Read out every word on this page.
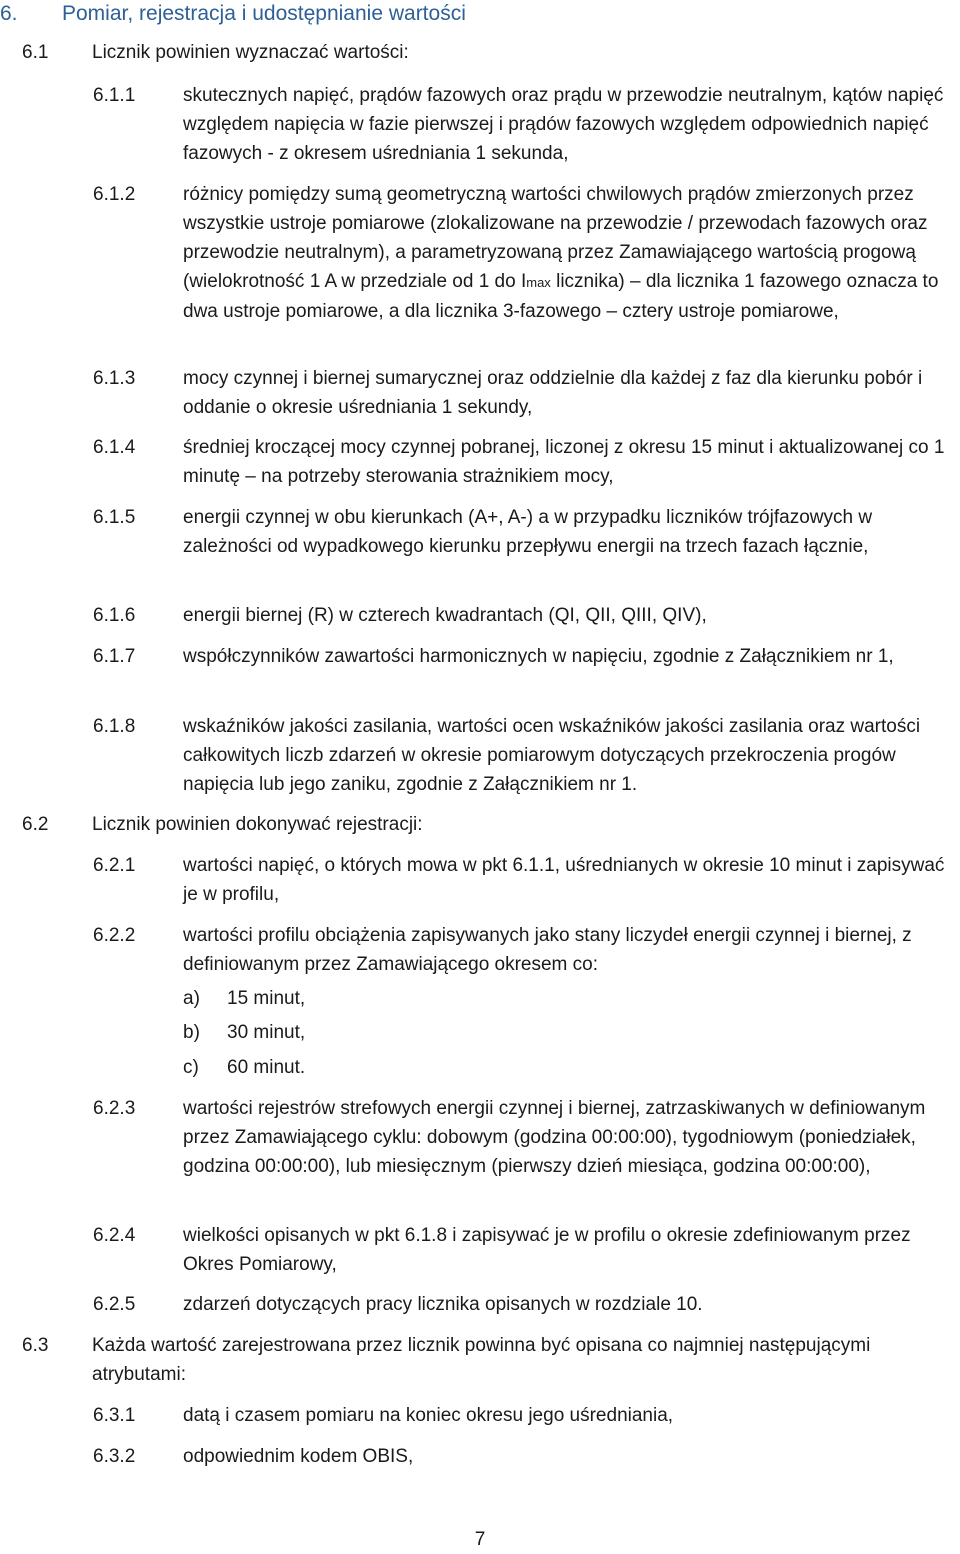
6. Pomiar, rejestracja i udostępnianie wartości
6.1 Licznik powinien wyznaczać wartości:
6.1.1	skutecznych napięć, prądów fazowych oraz prądu w przewodzie neutralnym, kątów napięć względem napięcia w fazie pierwszej i prądów fazowych względem odpowiednich napięć fazowych - z okresem uśredniania 1 sekunda,
6.1.2	różnicy pomiędzy sumą geometryczną wartości chwilowych prądów zmierzonych przez wszystkie ustroje pomiarowe (zlokalizowane na przewodzie / przewodach fazowych oraz przewodzie neutralnym), a parametryzowaną przez Zamawiającego wartością progową (wielokrotność 1 A w przedziale od 1 do Imax licznika) – dla licznika 1 fazowego oznacza to dwa ustroje pomiarowe, a dla licznika 3-fazowego – cztery ustroje pomiarowe,
6.1.3	mocy czynnej i biernej sumarycznej oraz oddzielnie dla każdej z faz dla kierunku pobór i oddanie o okresie uśredniania 1 sekundy,
6.1.4	średniej kroczącej mocy czynnej pobranej, liczonej z okresu 15 minut i aktualizowanej co 1 minutę – na potrzeby sterowania strażnikiem mocy,
6.1.5	energii czynnej w obu kierunkach (A+, A-) a w przypadku liczników trójfazowych w zależności od wypadkowego kierunku przepływu energii na trzech fazach łącznie,
6.1.6	energii biernej (R) w czterech kwadrantach (QI, QII, QIII, QIV),
6.1.7	współczynników zawartości harmonicznych w napięciu, zgodnie z Załącznikiem nr 1,
6.1.8	wskaźników jakości zasilania, wartości ocen wskaźników jakości zasilania oraz wartości całkowitych liczb zdarzeń w okresie pomiarowym dotyczących przekroczenia progów napięcia lub jego zaniku, zgodnie z Załącznikiem nr 1.
6.2 Licznik powinien dokonywać rejestracji:
6.2.1	wartości napięć, o których mowa w pkt 6.1.1, uśrednianych w okresie 10 minut i zapisywać je w profilu,
6.2.2	wartości profilu obciążenia zapisywanych jako stany liczydeł energii czynnej i biernej, z definiowanym przez Zamawiającego okresem co:
a) 15 minut,
b) 30 minut,
c) 60 minut.
6.2.3	wartości rejestrów strefowych energii czynnej i biernej, zatrzaskiwanych w definiowanym przez Zamawiającego cyklu: dobowym (godzina 00:00:00), tygodniowym (poniedziałek, godzina 00:00:00), lub miesięcznym (pierwszy dzień miesiąca, godzina 00:00:00),
6.2.4	wielkości opisanych w pkt 6.1.8 i zapisywać je w profilu o okresie zdefiniowanym przez Okres Pomiarowy,
6.2.5	zdarzeń dotyczących pracy licznika opisanych w rozdziale 10.
6.3 Każda wartość zarejestrowana przez licznik powinna być opisana co najmniej następującymi atrybutami:
6.3.1	datą i czasem pomiaru na koniec okresu jego uśredniania,
6.3.2	odpowiednim kodem OBIS,
7
